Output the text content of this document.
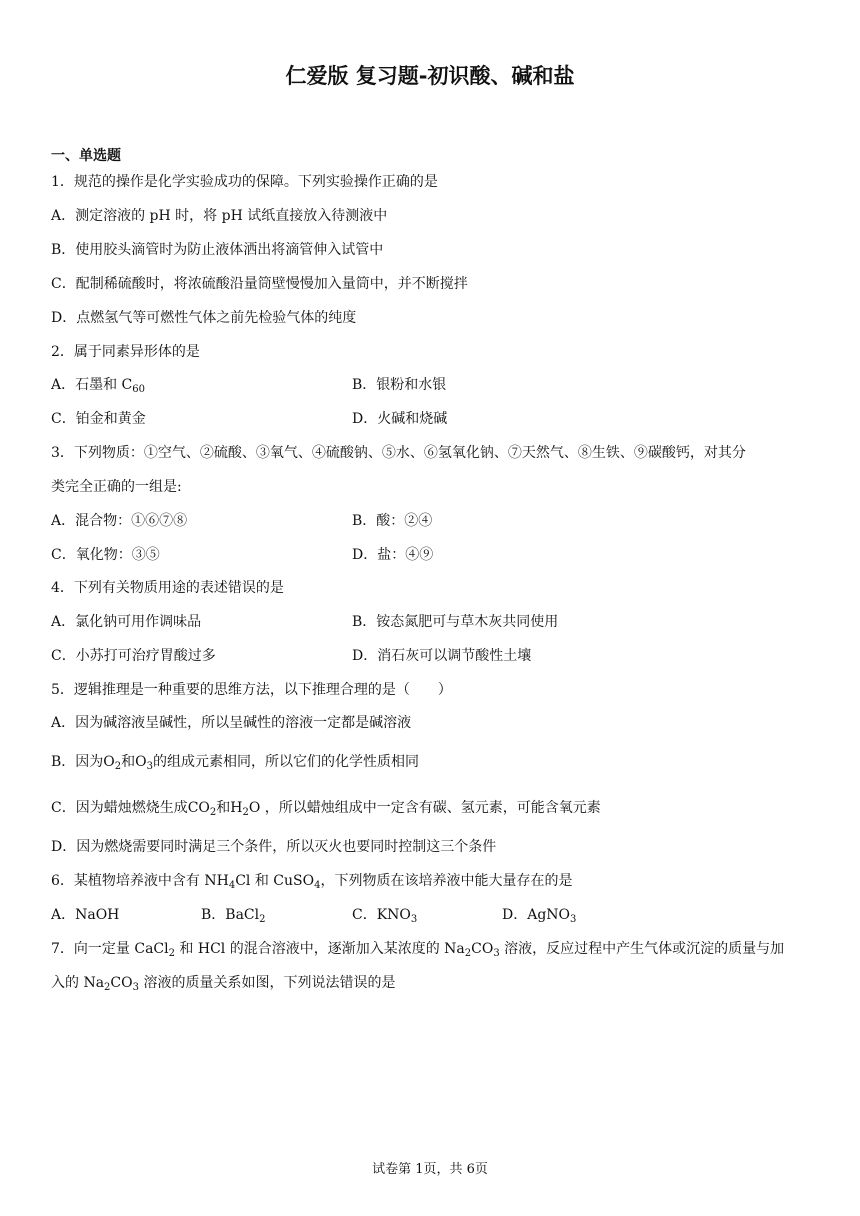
仁爱版 复习题-初识酸、碱和盐
一、单选题
1．规范的操作是化学实验成功的保障。下列实验操作正确的是
A．测定溶液的 pH 时，将 pH 试纸直接放入待测液中
B．使用胶头滴管时为防止液体洒出将滴管伸入试管中
C．配制稀硫酸时，将浓硫酸沿量筒壁慢慢加入量筒中，并不断搅拌
D．点燃氢气等可燃性气体之前先检验气体的纯度
2．属于同素异形体的是
A．石墨和 $C_{60}$	B．银粉和水银
C．铂金和黄金	D．火碱和烧碱
3．下列物质：①空气、②硫酸、③氧气、④硫酸钠、⑤水、⑥氢氧化钠、⑦天然气、⑧生铁、⑨碳酸钙，对其分
类完全正确的一组是:
A．混合物：①⑥⑦⑧	B．酸：②④
C．氧化物：③⑤	D．盐：④⑨
4．下列有关物质用途的表述错误的是
A．氯化钠可用作调味品	B．铵态氮肥可与草木灰共同使用
C．小苏打可治疗胃酸过多	D．消石灰可以调节酸性土壤
5．逻辑推理是一种重要的思维方法，以下推理合理的是（　　）
A．因为碱溶液呈碱性，所以呈碱性的溶液一定都是碱溶液
B．因为$O_2$和$O_3$的组成元素相同，所以它们的化学性质相同
C．因为蜡烛燃烧生成$CO_2$和$H_2O$ ，所以蜡烛组成中一定含有碳、氢元素，可能含氧元素
D．因为燃烧需要同时满足三个条件，所以灭火也要同时控制这三个条件
6．某植物培养液中含有 $NH_4Cl$ 和 CuSO$_4$，下列物质在该培养液中能大量存在的是
A．NaOH	B．BaCl$_2$	C．$KNO_3$	D．AgNO$_3$
7．向一定量 CaCl$_2$ 和 HCl 的混合溶液中，逐渐加入某浓度的 $Na_2CO_3$ 溶液，反应过程中产生气体或沉淀的质量与加
入的 $Na_2CO_3$ 溶液的质量关系如图，下列说法错误的是
试卷第 1页，共 6页
